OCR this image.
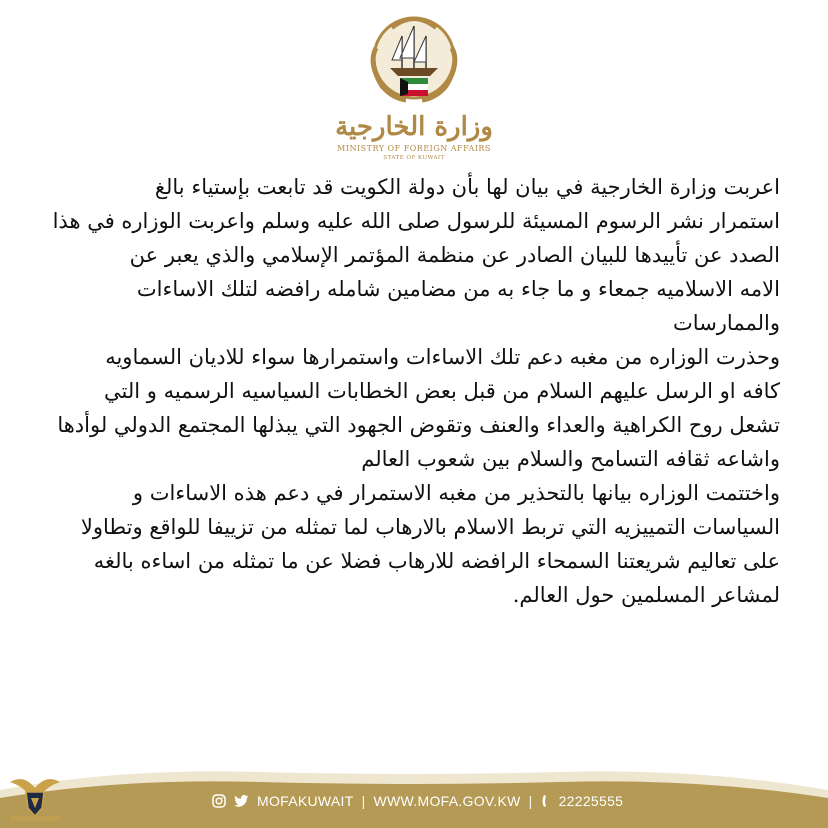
وزارة الخارجية
MINISTRY OF FOREIGN AFFAIRS
STATE OF KUWAIT

اعربت وزارة الخارجية في بيان لها بأن دولة الكويت قد تابعت بإستياء بالغ
استمرار نشر الرسوم المسيئة للرسول صلى الله عليه وسلم واعربت الوزاره في هذا
الصدد عن تأييدها للبيان الصادر عن منظمة المؤتمر الإسلامي والذي يعبر عن
الامه الاسلاميه جمعاء و ما جاء به من مضامين شامله رافضه لتلك الاساءات
والممارسات

وحذرت الوزاره من مغبه دعم تلك الاساءات واستمرارها سواء للاديان السماويه
كافه او الرسل عليهم السلام من قبل بعض الخطابات السياسيه الرسميه و التي
تشعل روح الكراهية والعداء والعنف وتقوض الجهود التي يبذلها المجتمع الدولي لوأدها
واشاعه ثقافه التسامح والسلام بين شعوب العالم

واختتمت الوزاره بيانها بالتحذير من مغبه الاستمرار في دعم هذه الاساءات و
السياسات التمييزيه التي تربط الاسلام بالارهاب لما تمثله من تزييفا للواقع وتطاولا
على تعاليم شريعتنا السمحاء الرافضه للارهاب فضلا عن ما تمثله من اساءه بالغه
لمشاعر المسلمين حول العالم.

MOFAKUWAIT | WWW.MOFA.GOV.KW | 22225555
